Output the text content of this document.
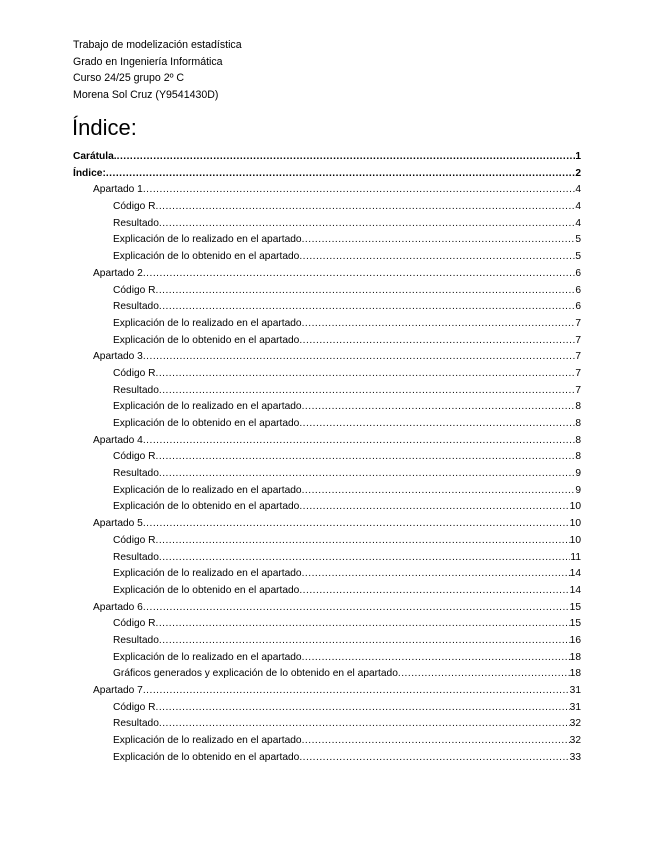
Trabajo de modelización estadística
Grado en Ingeniería Informática
Curso 24/25 grupo 2º C
Morena Sol Cruz (Y9541430D)
Índice:
Carátula. .....	1
Índice: .....	2
Apartado 1 .....	4
Código R .....	4
Resultado .....	4
Explicación de lo realizado en el apartado .....	5
Explicación de lo obtenido en el apartado .....	5
Apartado 2 .....	6
Código R .....	6
Resultado .....	6
Explicación de lo realizado en el apartado .....	7
Explicación de lo obtenido en el apartado .....	7
Apartado 3 .....	7
Código R .....	7
Resultado .....	7
Explicación de lo realizado en el apartado .....	8
Explicación de lo obtenido en el apartado .....	8
Apartado 4 .....	8
Código R .....	8
Resultado .....	9
Explicación de lo realizado en el apartado .....	9
Explicación de lo obtenido en el apartado .....	10
Apartado 5 .....	10
Código R .....	10
Resultado .....	11
Explicación de lo realizado en el apartado .....	14
Explicación de lo obtenido en el apartado .....	14
Apartado 6 .....	15
Código R .....	15
Resultado .....	16
Explicación de lo realizado en el apartado .....	18
Gráficos generados y explicación de lo obtenido en el apartado .....	18
Apartado 7 .....	31
Código R .....	31
Resultado .....	32
Explicación de lo realizado en el apartado .....	32
Explicación de lo obtenido en el apartado .....	33
